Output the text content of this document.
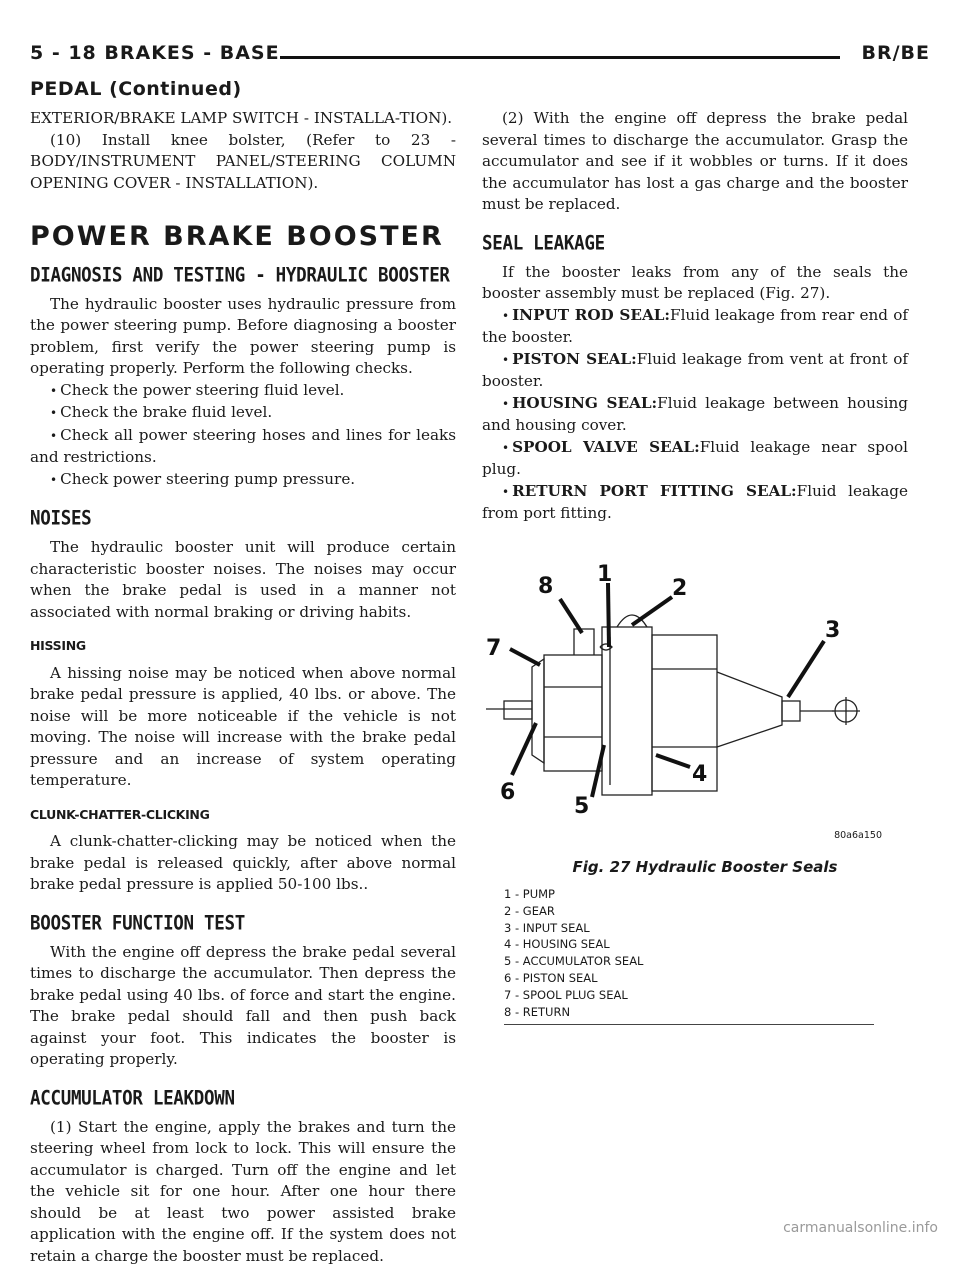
5 - 18 BRAKES - BASE	BR/BE
PEDAL (Continued)

EXTERIOR/BRAKE LAMP SWITCH - INSTALLA-TION).

(10) Install knee bolster, (Refer to 23 - BODY/INSTRUMENT PANEL/STEERING COLUMN OPENING COVER - INSTALLATION).

POWER BRAKE BOOSTER
DIAGNOSIS AND TESTING - HYDRAULIC BOOSTER

The hydraulic booster uses hydraulic pressure from the power steering pump. Before diagnosing a booster problem, first verify the power steering pump is operating properly. Perform the following checks.

• Check the power steering fluid level.

• Check the brake fluid level.

• Check all power steering hoses and lines for leaks and restrictions.

• Check power steering pump pressure.

NOISES

The hydraulic booster unit will produce certain characteristic booster noises. The noises may occur when the brake pedal is used in a manner not associated with normal braking or driving habits.

HISSING

A hissing noise may be noticed when above normal brake pedal pressure is applied, 40 lbs. or above. The noise will be more noticeable if the vehicle is not moving. The noise will increase with the brake pedal pressure and an increase of system operating temperature.

CLUNK-CHATTER-CLICKING

A clunk-chatter-clicking may be noticed when the brake pedal is released quickly, after above normal brake pedal pressure is applied 50-100 lbs..

BOOSTER FUNCTION TEST

With the engine off depress the brake pedal several times to discharge the accumulator. Then depress the brake pedal using 40 lbs. of force and start the engine. The brake pedal should fall and then push back against your foot. This indicates the booster is operating properly.

ACCUMULATOR LEAKDOWN

(1) Start the engine, apply the brakes and turn the steering wheel from lock to lock. This will ensure the accumulator is charged. Turn off the engine and let the vehicle sit for one hour. After one hour there should be at least two power assisted brake application with the engine off. If the system does not retain a charge the booster must be replaced.

(2) With the engine off depress the brake pedal several times to discharge the accumulator. Grasp the accumulator and see if it wobbles or turns. If it does the accumulator has lost a gas charge and the booster must be replaced.

SEAL LEAKAGE

If the booster leaks from any of the seals the booster assembly must be replaced (Fig. 27).

• INPUT ROD SEAL:Fluid leakage from rear end of the booster.

• PISTON SEAL:Fluid leakage from vent at front of booster.

• HOUSING SEAL:Fluid leakage between housing and housing cover.

• SPOOL VALVE SEAL:Fluid leakage near spool plug.

• RETURN PORT FITTING SEAL:Fluid leakage from port fitting.

1
2
3
4
5
6
7
8
80a6a150
Fig. 27 Hydraulic Booster Seals
1 - PUMP
2 - GEAR
3 - INPUT SEAL
4 - HOUSING SEAL
5 - ACCUMULATOR SEAL
6 - PISTON SEAL
7 - SPOOL PLUG SEAL
8 - RETURN
carmanualsonline.info
